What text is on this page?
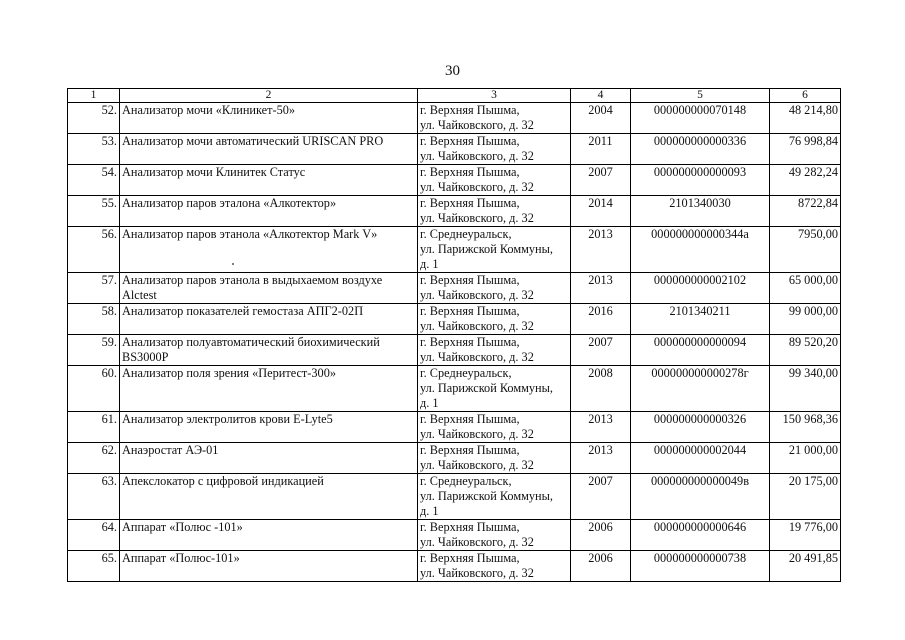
30
1	2	3	4	5	6
52.	Анализатор мочи «Клиникет-50»	г. Верхняя Пышма,
ул. Чайковского, д. 32	2004	000000000070148	48 214,80
53.	Анализатор мочи автоматический URISCAN PRO	г. Верхняя Пышма,
ул. Чайковского, д. 32	2011	000000000000336	76 998,84
54.	Анализатор мочи Клинитек Статус	г. Верхняя Пышма,
ул. Чайковского, д. 32	2007	000000000000093	49 282,24
55.	Анализатор паров эталона «Алкотектор»	г. Верхняя Пышма,
ул. Чайковского, д. 32	2014	2101340030	8722,84
56.	Анализатор паров этанола «Алкотектор Mark V»	г. Среднеуральск,
ул. Парижской Коммуны,
д. 1	2013	000000000000344а	7950,00
57.	Анализатор паров этанола в выдыхаемом воздухе Alctest	г. Верхняя Пышма,
ул. Чайковского, д. 32	2013	000000000002102	65 000,00
58.	Анализатор показателей гемостаза АПГ2-02П	г. Верхняя Пышма,
ул. Чайковского, д. 32	2016	2101340211	99 000,00
59.	Анализатор полуавтоматический биохимический BS3000Р	г. Верхняя Пышма,
ул. Чайковского, д. 32	2007	000000000000094	89 520,20
60.	Анализатор поля зрения «Перитест-300»	г. Среднеуральск,
ул. Парижской Коммуны,
д. 1	2008	000000000000278г	99 340,00
61.	Анализатор электролитов крови E-Lyte5	г. Верхняя Пышма,
ул. Чайковского, д. 32	2013	000000000000326	150 968,36
62.	Анаэростат АЭ-01	г. Верхняя Пышма,
ул. Чайковского, д. 32	2013	000000000002044	21 000,00
63.	Апекслокатор с цифровой индикацией	г. Среднеуральск,
ул. Парижской Коммуны,
д. 1	2007	000000000000049в	20 175,00
64.	Аппарат «Полюс -101»	г. Верхняя Пышма,
ул. Чайковского, д. 32	2006	000000000000646	19 776,00
65.	Аппарат «Полюс-101»	г. Верхняя Пышма,
ул. Чайковского, д. 32	2006	000000000000738	20 491,85
